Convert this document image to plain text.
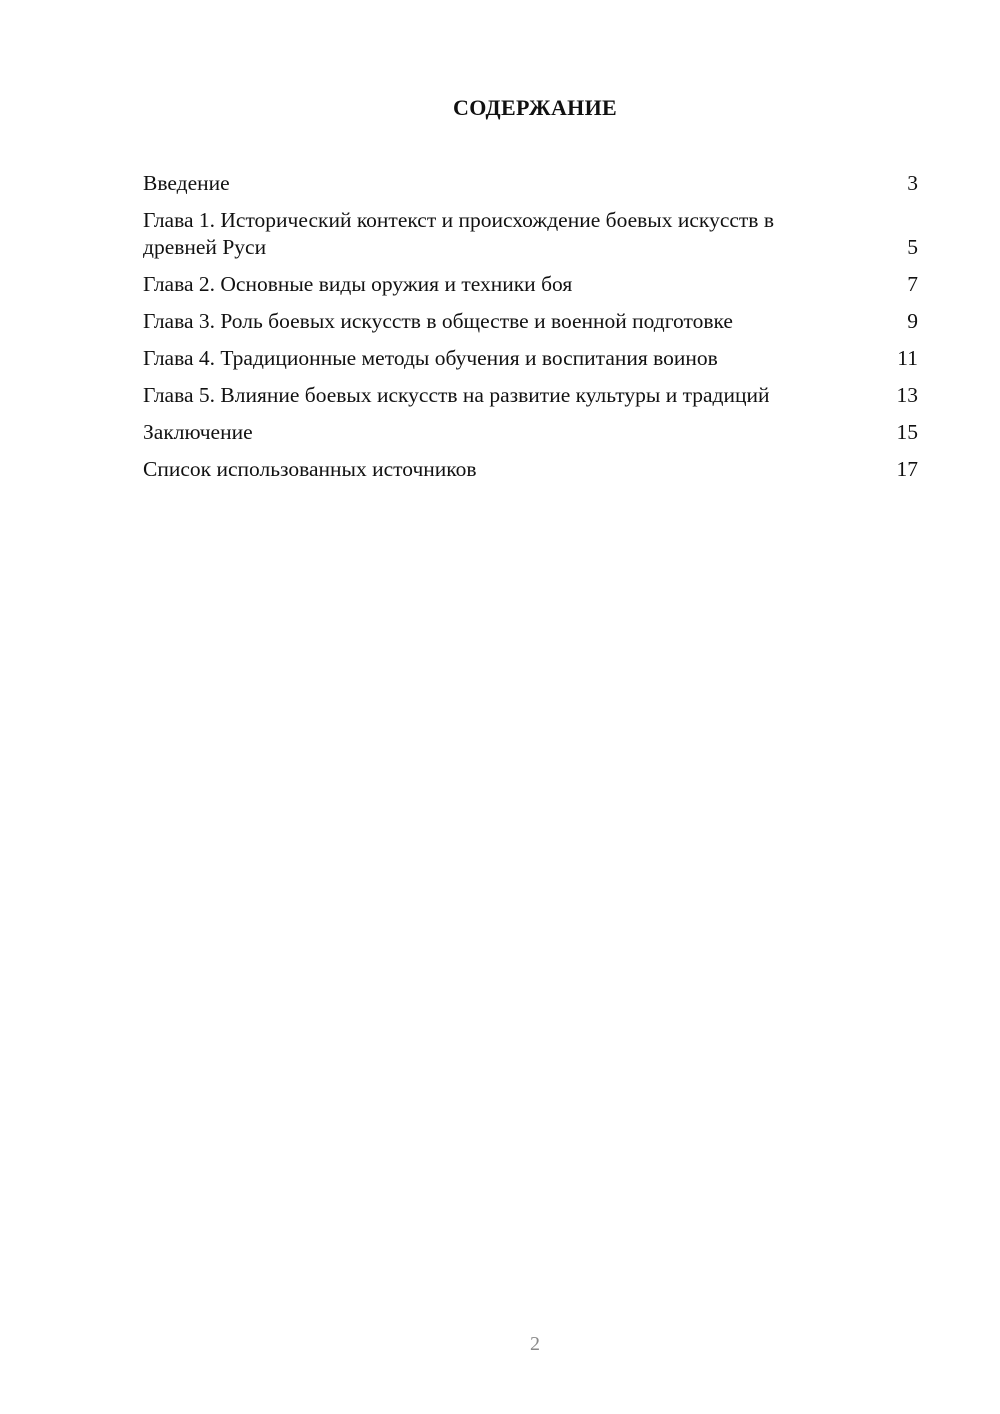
СОДЕРЖАНИЕ
Введение	3
Глава 1. Исторический контекст и происхождение боевых искусств в древней Руси	5
Глава 2. Основные виды оружия и техники боя	7
Глава 3. Роль боевых искусств в обществе и военной подготовке	9
Глава 4. Традиционные методы обучения и воспитания воинов	11
Глава 5. Влияние боевых искусств на развитие культуры и традиций	13
Заключение	15
Список использованных источников	17
2
